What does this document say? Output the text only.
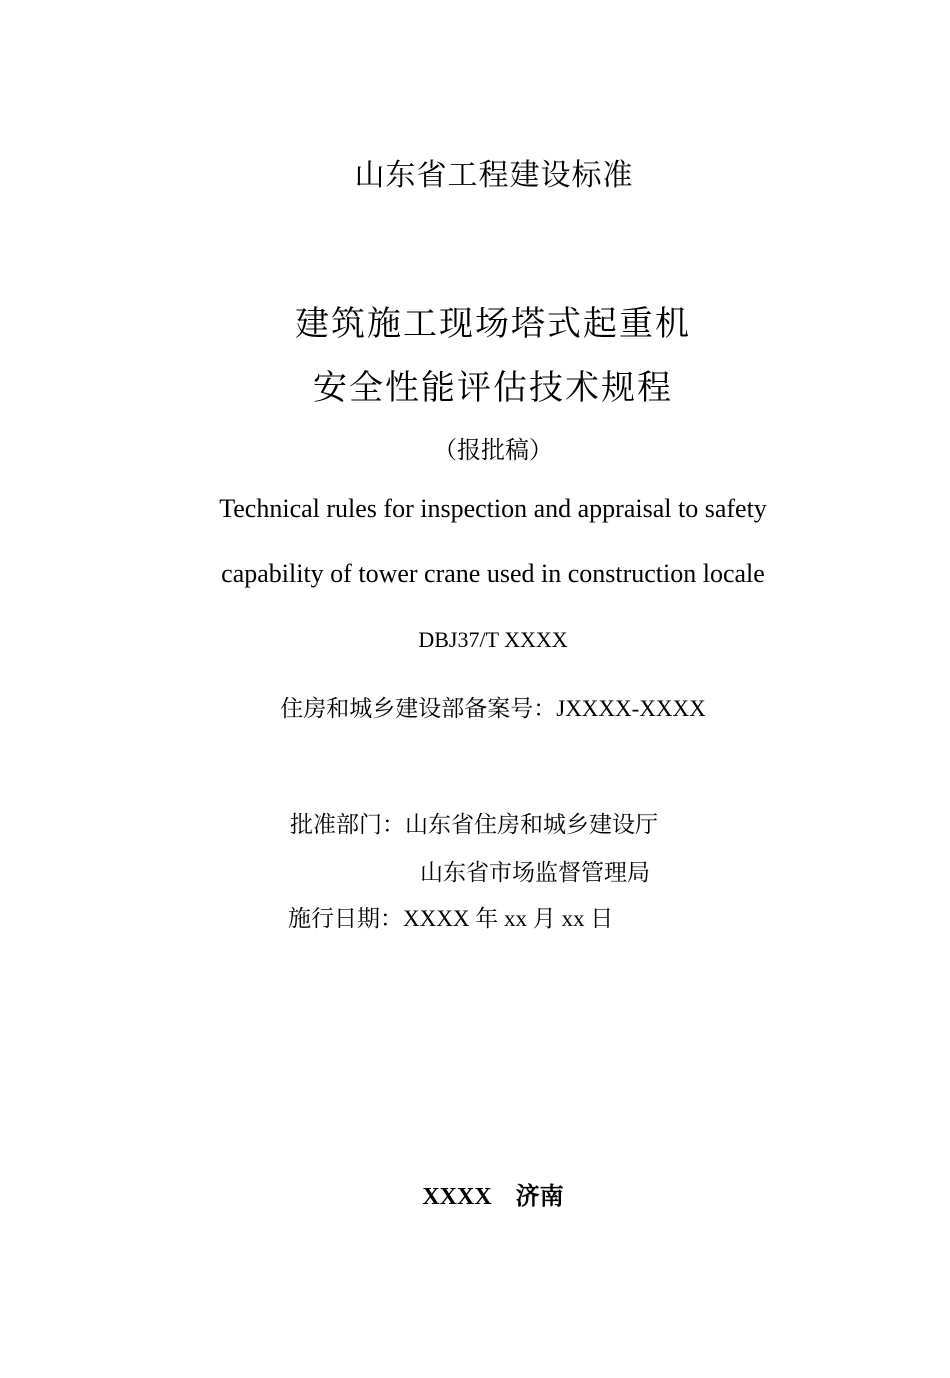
山东省工程建设标准
建筑施工现场塔式起重机
安全性能评估技术规程
（报批稿）
Technical rules for inspection and appraisal to safety
capability of tower crane used in construction locale
DBJ37/T XXXX
住房和城乡建设部备案号：JXXXX-XXXX
批准部门：山东省住房和城乡建设厅
山东省市场监督管理局
施行日期：XXXX 年 xx 月 xx 日
XXXX　济南
